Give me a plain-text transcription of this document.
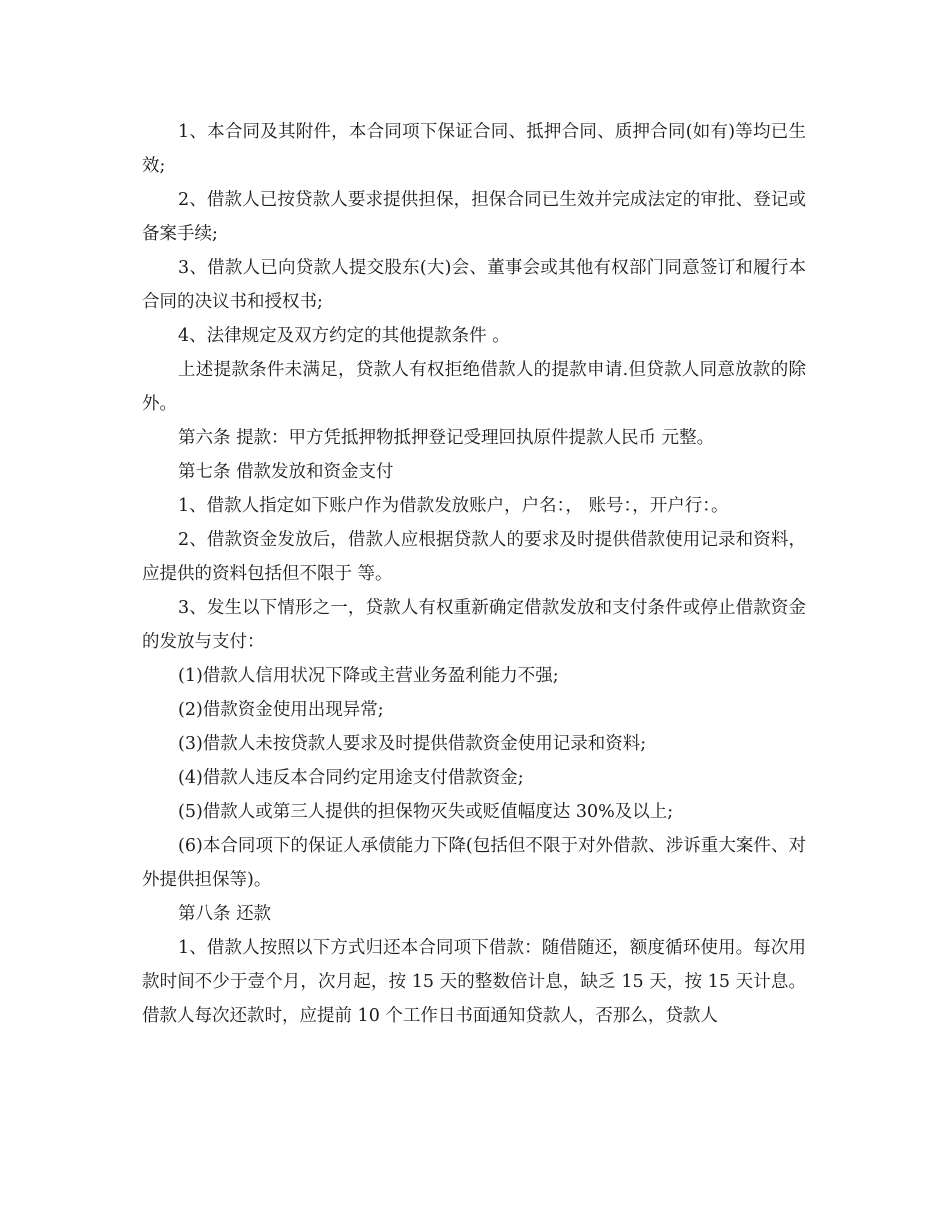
1、本合同及其附件，本合同项下保证合同、抵押合同、质押合同(如有)等均已生效;

2、借款人已按贷款人要求提供担保，担保合同已生效并完成法定的审批、登记或备案手续;

3、借款人已向贷款人提交股东(大)会、董事会或其他有权部门同意签订和履行本合同的决议书和授权书;

4、法律规定及双方约定的其他提款条件 。

上述提款条件未满足，贷款人有权拒绝借款人的提款申请.但贷款人同意放款的除外。

第六条 提款：甲方凭抵押物抵押登记受理回执原件提款人民币 元整。

第七条 借款发放和资金支付

1、借款人指定如下账户作为借款发放账户，户名：， 账号：，开户行：。

2、借款资金发放后，借款人应根据贷款人的要求及时提供借款使用记录和资料，应提供的资料包括但不限于 等。

3、发生以下情形之一，贷款人有权重新确定借款发放和支付条件或停止借款资金的发放与支付：

(1)借款人信用状况下降或主营业务盈利能力不强;

(2)借款资金使用出现异常;

(3)借款人未按贷款人要求及时提供借款资金使用记录和资料;

(4)借款人违反本合同约定用途支付借款资金;

(5)借款人或第三人提供的担保物灭失或贬值幅度达 30%及以上;

(6)本合同项下的保证人承债能力下降(包括但不限于对外借款、涉诉重大案件、对外提供担保等)。

第八条 还款

1、借款人按照以下方式归还本合同项下借款：随借随还，额度循环使用。每次用款时间不少于壹个月，次月起，按 15 天的整数倍计息，缺乏 15 天，按 15 天计息。借款人每次还款时，应提前 10 个工作日书面通知贷款人，否那么，贷款人
